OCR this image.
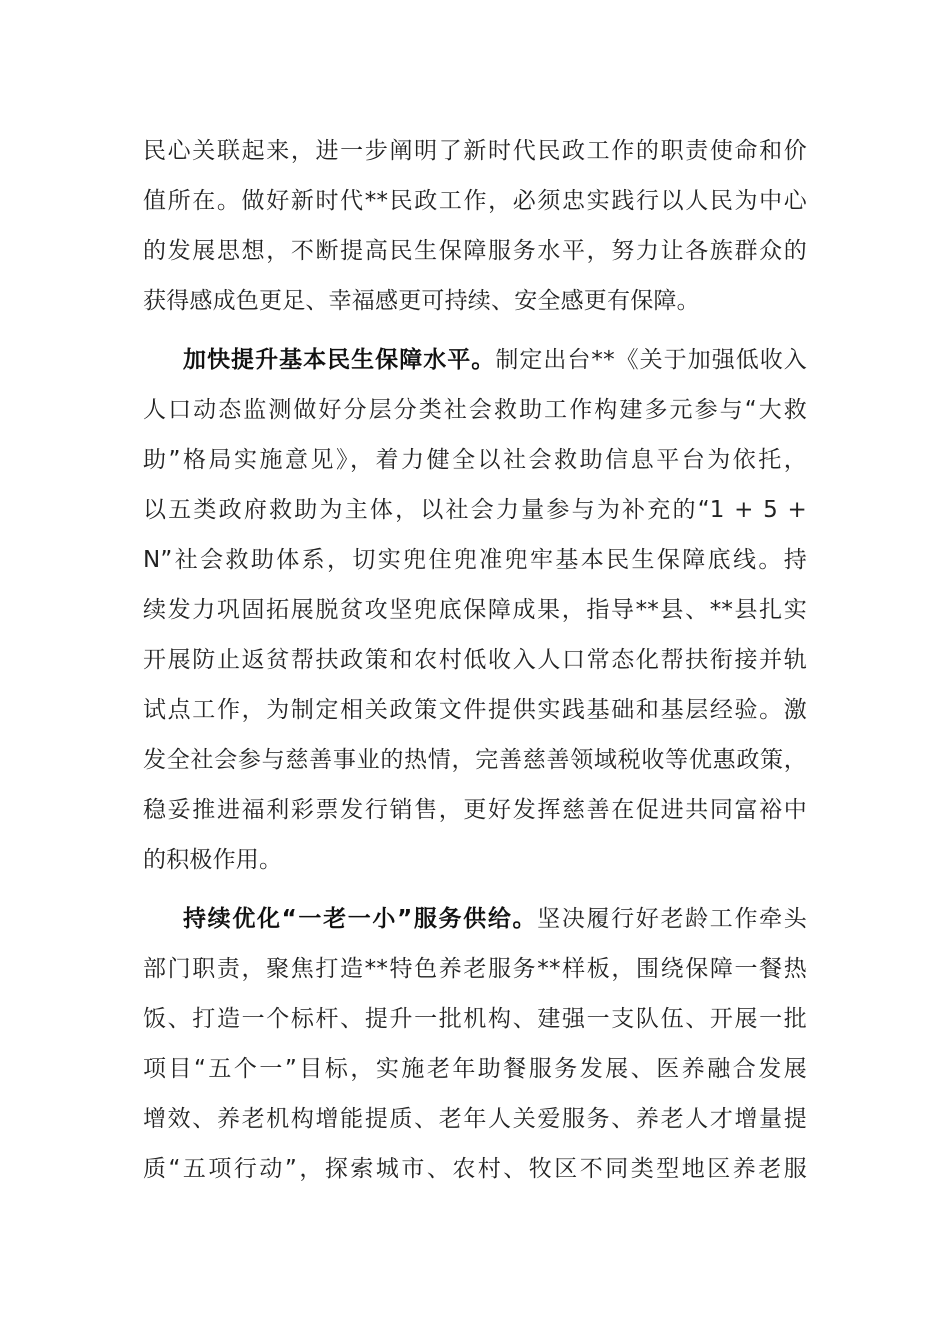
民心关联起来，进一步阐明了新时代民政工作的职责使命和价
值所在。做好新时代**民政工作，必须忠实践行以人民为中心
的发展思想，不断提高民生保障服务水平，努力让各族群众的
获得感成色更足、幸福感更可持续、安全感更有保障。
加快提升基本民生保障水平。制定出台**《关于加强低收入
人口动态监测做好分层分类社会救助工作构建多元参与“大救
助”格局实施意见》，着力健全以社会救助信息平台为依托，
以五类政府救助为主体，以社会力量参与为补充的“1 + 5 +
N”社会救助体系，切实兜住兜准兜牢基本民生保障底线。持
续发力巩固拓展脱贫攻坚兜底保障成果，指导**县、**县扎实
开展防止返贫帮扶政策和农村低收入人口常态化帮扶衔接并轨
试点工作，为制定相关政策文件提供实践基础和基层经验。激
发全社会参与慈善事业的热情，完善慈善领域税收等优惠政策，
稳妥推进福利彩票发行销售，更好发挥慈善在促进共同富裕中
的积极作用。
持续优化“一老一小”服务供给。坚决履行好老龄工作牵头
部门职责，聚焦打造**特色养老服务**样板，围绕保障一餐热
饭、打造一个标杆、提升一批机构、建强一支队伍、开展一批
项目“五个一”目标，实施老年助餐服务发展、医养融合发展
增效、养老机构增能提质、老年人关爱服务、养老人才增量提
质“五项行动”，探索城市、农村、牧区不同类型地区养老服
